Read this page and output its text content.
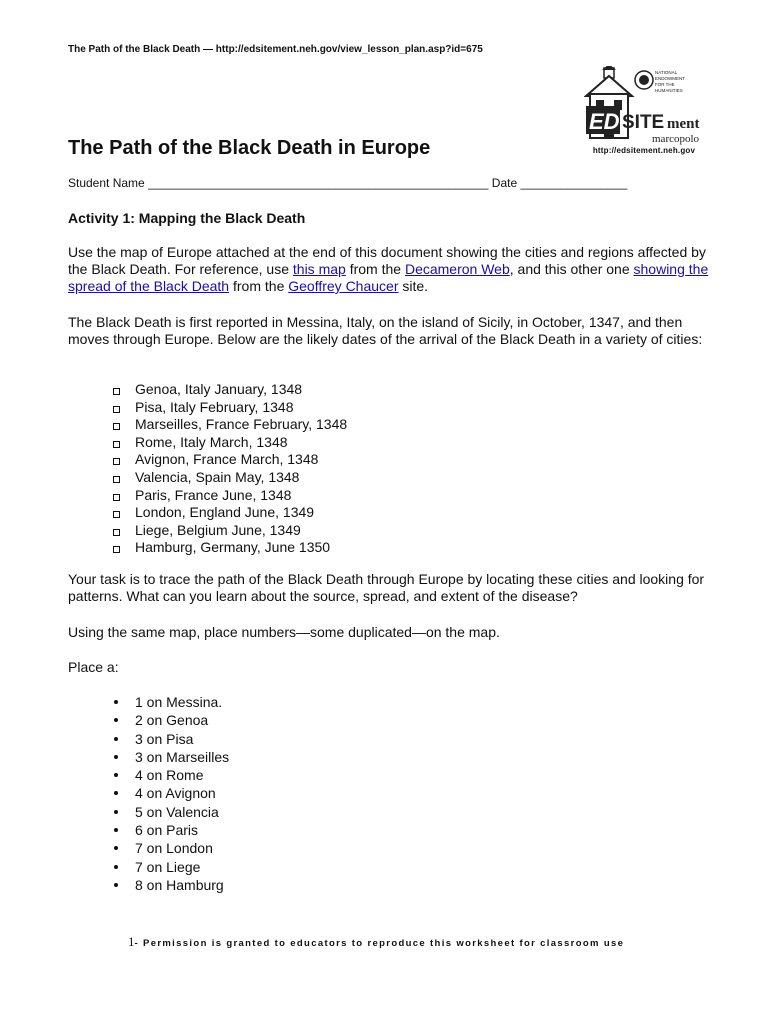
The Path of the Black Death — http://edsitement.neh.gov/view_lesson_plan.asp?id=675
ED SITE ment
marcopolo
NATIONAL
ENDOWMENT
FOR THE
HUMANITIES
http://edsitement.neh.gov
The Path of the Black Death in Europe
Student Name ___________________________________________________ Date ________________
Activity 1: Mapping the Black Death

Use the map of Europe attached at the end of this document showing the cities and regions affected by the Black Death. For reference, use this map from the Decameron Web, and this other one showing the spread of the Black Death from the Geoffrey Chaucer site.

The Black Death is first reported in Messina, Italy, on the island of Sicily, in October, 1347, and then moves through Europe. Below are the likely dates of the arrival of the Black Death in a variety of cities:

Genoa, Italy January, 1348
Pisa, Italy February, 1348
Marseilles, France February, 1348
Rome, Italy March, 1348
Avignon, France March, 1348
Valencia, Spain May, 1348
Paris, France June, 1348
London, England June, 1349
Liege, Belgium June, 1349
Hamburg, Germany, June 1350

Your task is to trace the path of the Black Death through Europe by locating these cities and looking for patterns. What can you learn about the source, spread, and extent of the disease?

Using the same map, place numbers—some duplicated—on the map.

Place a:

1 on Messina.
2 on Genoa
3 on Pisa
3 on Marseilles
4 on Rome
4 on Avignon
5 on Valencia
6 on Paris
7 on London
7 on Liege
8 on Hamburg
1- Permission is granted to educators to reproduce this worksheet for classroom use
